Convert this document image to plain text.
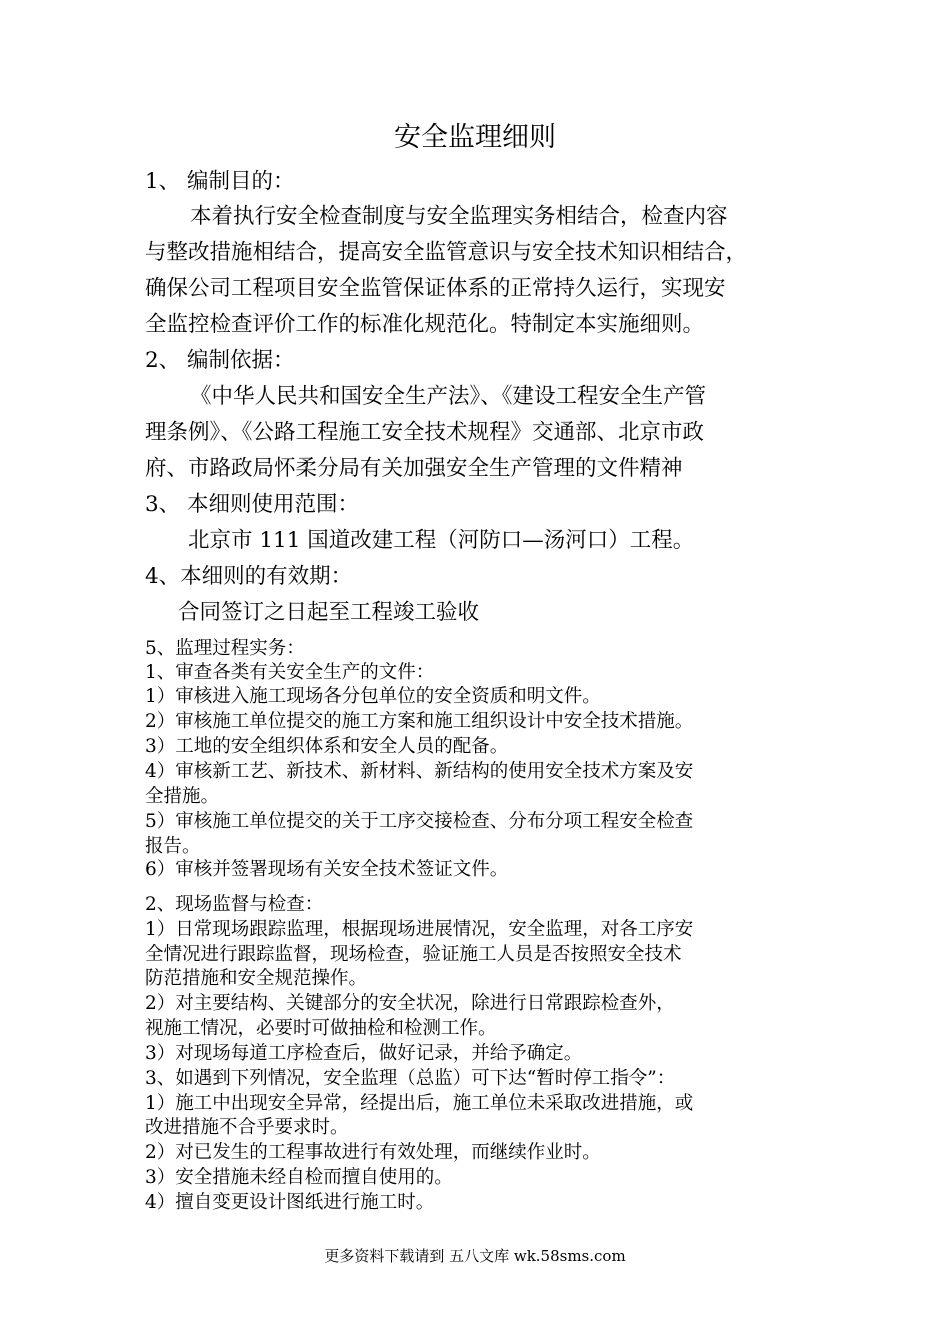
安全监理细则
1、 编制目的：
本着执行安全检查制度与安全监理实务相结合，检查内容
与整改措施相结合，提高安全监管意识与安全技术知识相结合，
确保公司工程项目安全监管保证体系的正常持久运行，实现安
全监控检查评价工作的标准化规范化。特制定本实施细则。
2、 编制依据：
《中华人民共和国安全生产法》、《建设工程安全生产管
理条例》、《公路工程施工安全技术规程》交通部、北京市政
府、市路政局怀柔分局有关加强安全生产管理的文件精神
3、 本细则使用范围：
北京市 111 国道改建工程（河防口—汤河口）工程。
4、本细则的有效期：
合同签订之日起至工程竣工验收
5、监理过程实务：
1、审查各类有关安全生产的文件：
1）审核进入施工现场各分包单位的安全资质和明文件。
2）审核施工单位提交的施工方案和施工组织设计中安全技术措施。
3）工地的安全组织体系和安全人员的配备。
4）审核新工艺、新技术、新材料、新结构的使用安全技术方案及安
全措施。
5）审核施工单位提交的关于工序交接检查、分布分项工程安全检查
报告。
6）审核并签署现场有关安全技术签证文件。
2、现场监督与检查：
1）日常现场跟踪监理，根据现场进展情况，安全监理，对各工序安
全情况进行跟踪监督，现场检查，验证施工人员是否按照安全技术
防范措施和安全规范操作。
2）对主要结构、关键部分的安全状况，除进行日常跟踪检查外，
视施工情况，必要时可做抽检和检测工作。
3）对现场每道工序检查后，做好记录，并给予确定。
3、如遇到下列情况，安全监理（总监）可下达“暂时停工指令”：
1）施工中出现安全异常，经提出后，施工单位未采取改进措施，或
改进措施不合乎要求时。
2）对已发生的工程事故进行有效处理，而继续作业时。
3）安全措施未经自检而擅自使用的。
4）擅自变更设计图纸进行施工时。
更多资料下载请到 五八文库 wk.58sms.com
